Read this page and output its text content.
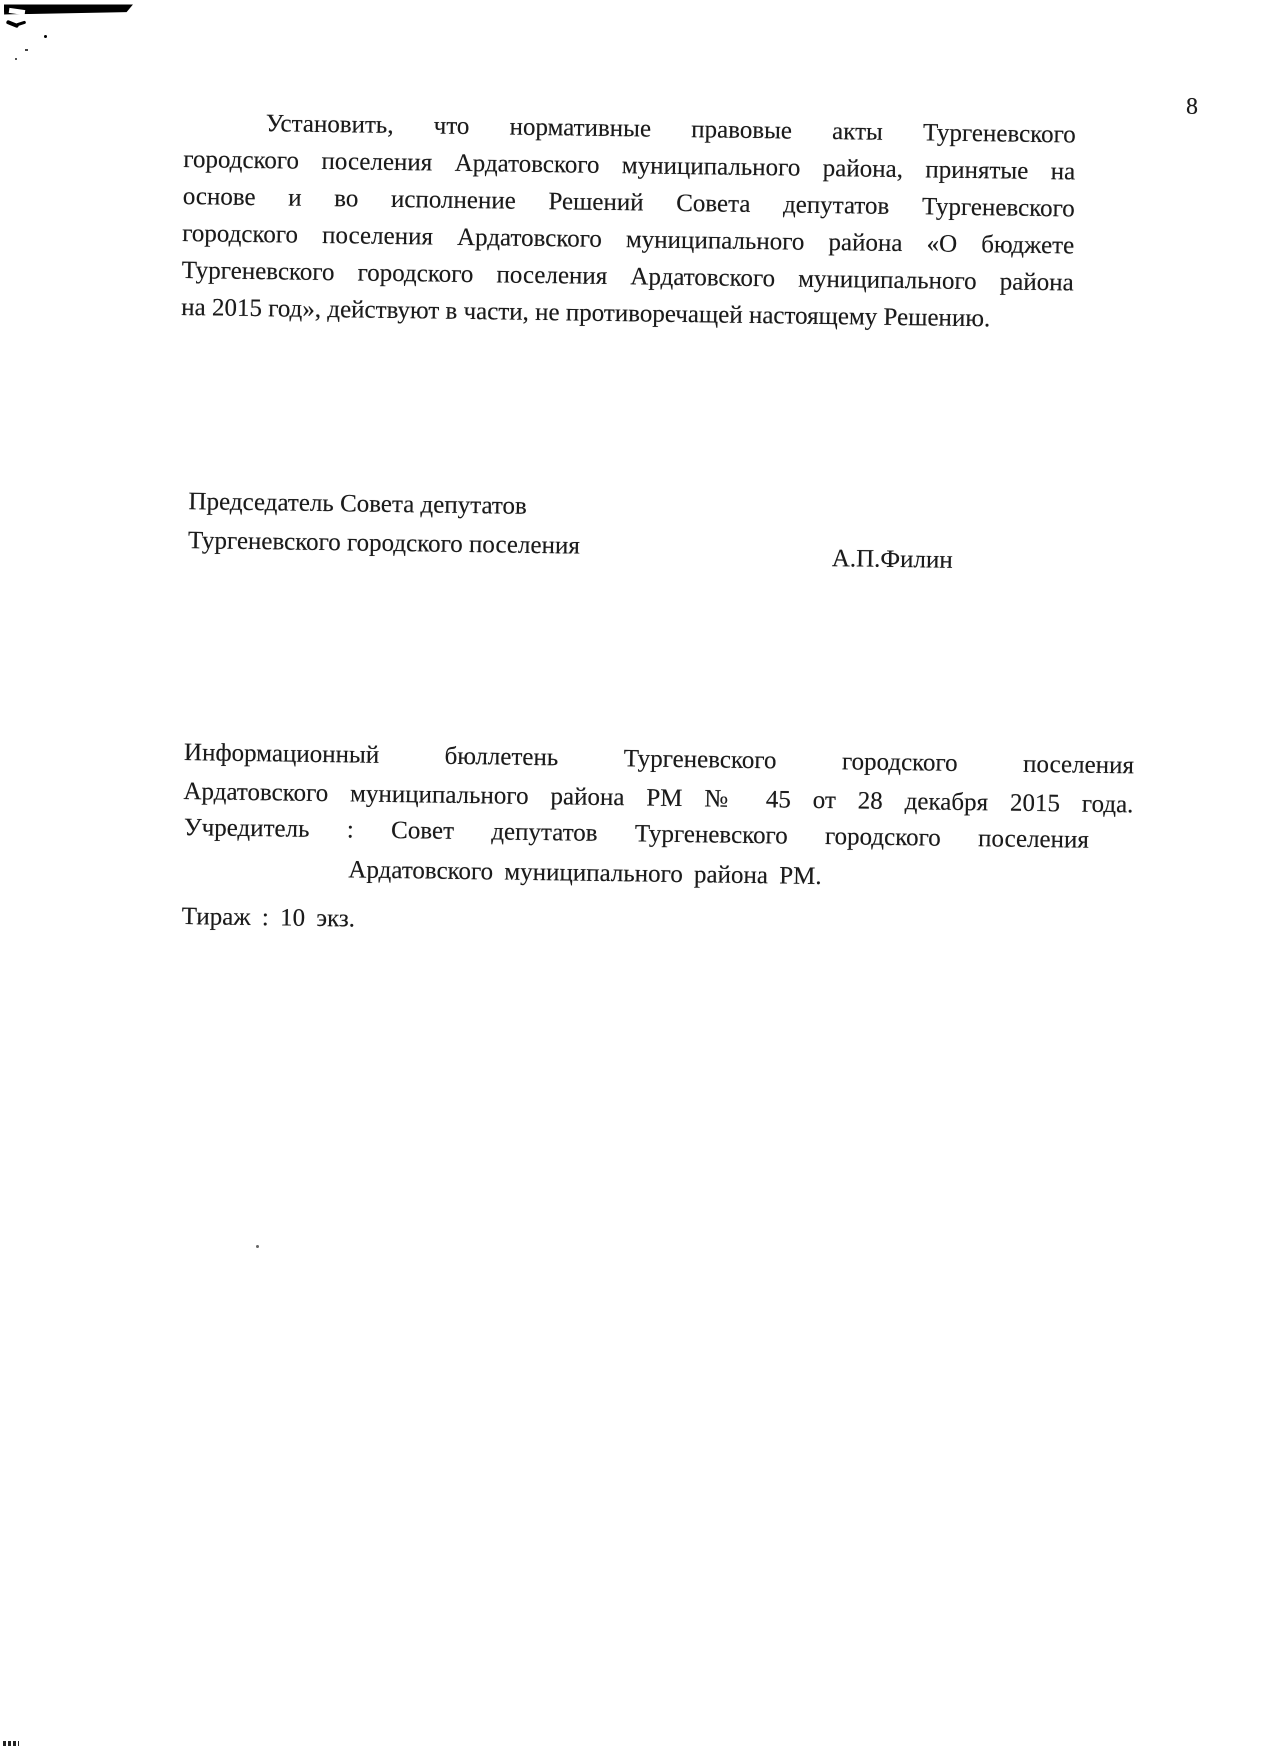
8
Установить, что нормативные правовые акты Тургеневского
городского поселения Ардатовского муниципального района, принятые на
основе и во исполнение Решений Совета депутатов Тургеневского
городского поселения Ардатовского муниципального района «О бюджете
Тургеневского городского поселения Ардатовского муниципального района
на 2015 год», действуют в части, не противоречащей настоящему Решению.
Председатель Совета депутатов
Тургеневского городского поселения	А.П.Филин
Информационный бюллетень Тургеневского городского поселения
Ардатовского муниципального района РМ № 45 от 28 декабря 2015 года.
Учредитель : Совет депутатов Тургеневского городского поселения
Ардатовского муниципального района РМ.
Тираж : 10 экз.
